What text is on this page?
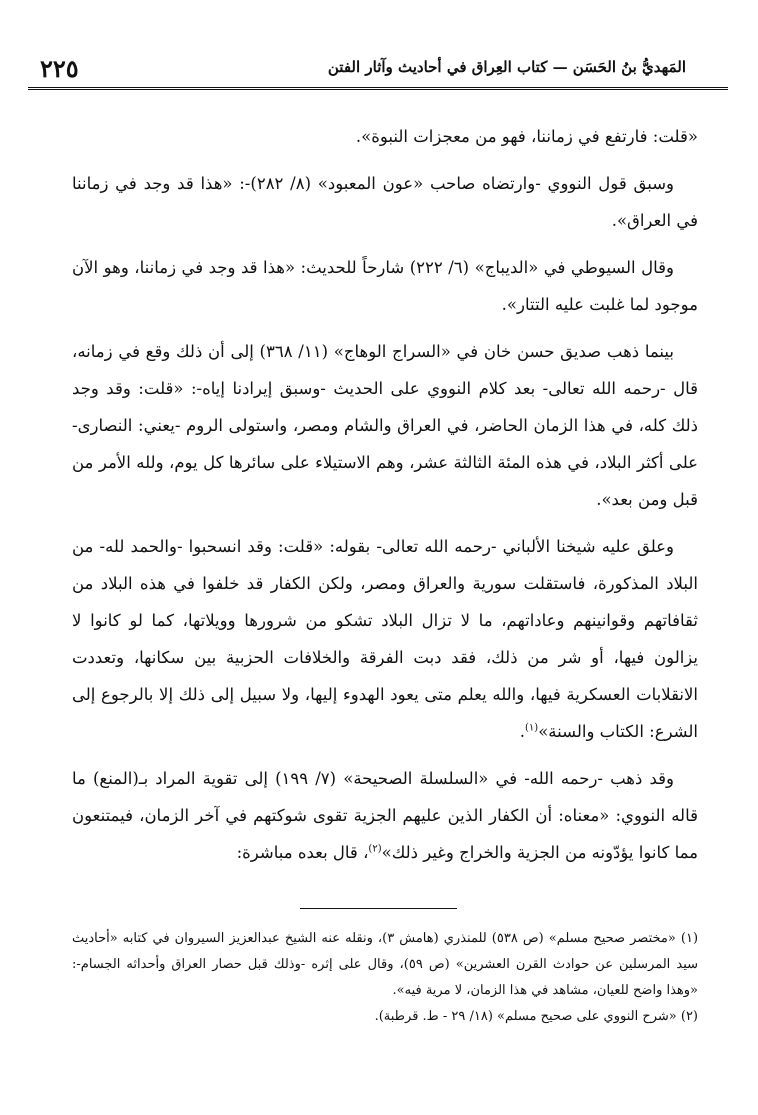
٢٢٥	المَهديُّ بنُ الحَسَن — كتاب العِراق في أحاديث وآثار الفتن

«قلت: فارتفع في زماننا، فهو من معجزات النبوة».

وسبق قول النووي -وارتضاه صاحب «عون المعبود» (٨/ ٢٨٢)-: «هذا قد وجد في زماننا في العراق».

وقال السيوطي في «الديباج» (٦/ ٢٢٢) شارحاً للحديث: «هذا قد وجد في زماننا، وهو الآن موجود لما غلبت عليه التتار».

بينما ذهب صديق حسن خان في «السراج الوهاج» (١١/ ٣٦٨) إلى أن ذلك وقع في زمانه، قال -رحمه الله تعالى- بعد كلام النووي على الحديث -وسبق إيرادنا إياه-: «قلت: وقد وجد ذلك كله، في هذا الزمان الحاضر، في العراق والشام ومصر، واستولى الروم -يعني: النصارى- على أكثر البلاد، في هذه المئة الثالثة عشر، وهم الاستيلاء على سائرها كل يوم، ولله الأمر من قبل ومن بعد».

وعلق عليه شيخنا الألباني -رحمه الله تعالى- بقوله: «قلت: وقد انسحبوا -والحمد لله- من البلاد المذكورة، فاستقلت سورية والعراق ومصر، ولكن الكفار قد خلفوا في هذه البلاد من ثقافاتهم وقوانينهم وعاداتهم، ما لا تزال البلاد تشكو من شرورها وويلاتها، كما لو كانوا لا يزالون فيها، أو شر من ذلك، فقد دبت الفرقة والخلافات الحزبية بين سكانها، وتعددت الانقلابات العسكرية فيها، والله يعلم متى يعود الهدوء إليها، ولا سبيل إلى ذلك إلا بالرجوع إلى الشرع: الكتاب والسنة»$^{(١)}$.

وقد ذهب -رحمه الله- في «السلسلة الصحيحة» (٧/ ١٩٩) إلى تقوية المراد بـ(المنع) ما قاله النووي: «معناه: أن الكفار الذين عليهم الجزية تقوى شوكتهم في آخر الزمان، فيمتنعون مما كانوا يؤدّونه من الجزية والخراج وغير ذلك»$^{(٢)}$، قال بعده مباشرة:

(١) «مختصر صحيح مسلم» (ص ٥٣٨) للمنذري (هامش ٣)، ونقله عنه الشيخ عبدالعزيز السيروان في كتابه «أحاديث سيد المرسلين عن حوادث القرن العشرين» (ص ٥٩)، وقال على إثره -وذلك قبل حصار العراق وأحداثه الجسام-: «وهذا واضح للعيان، مشاهد في هذا الزمان، لا مرية فيه».

(٢) «شرح النووي على صحيح مسلم» (١٨/ ٢٩ - ط. قرطبة).
